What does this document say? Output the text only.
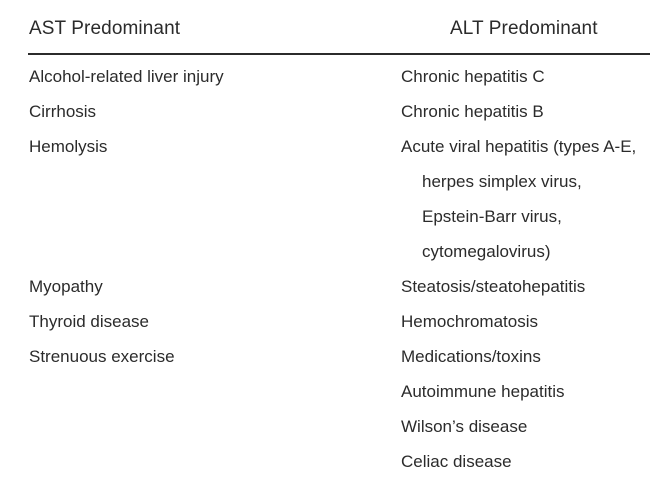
AST Predominant	ALT Predominant
Alcohol-related liver injury
Cirrhosis
Hemolysis
Myopathy
Thyroid disease
Strenuous exercise
Chronic hepatitis C
Chronic hepatitis B
Acute viral hepatitis (types A-E,
herpes simplex virus,
Epstein-Barr virus,
cytomegalovirus)
Steatosis/steatohepatitis
Hemochromatosis
Medications/toxins
Autoimmune hepatitis
Wilson’s disease
Celiac disease
